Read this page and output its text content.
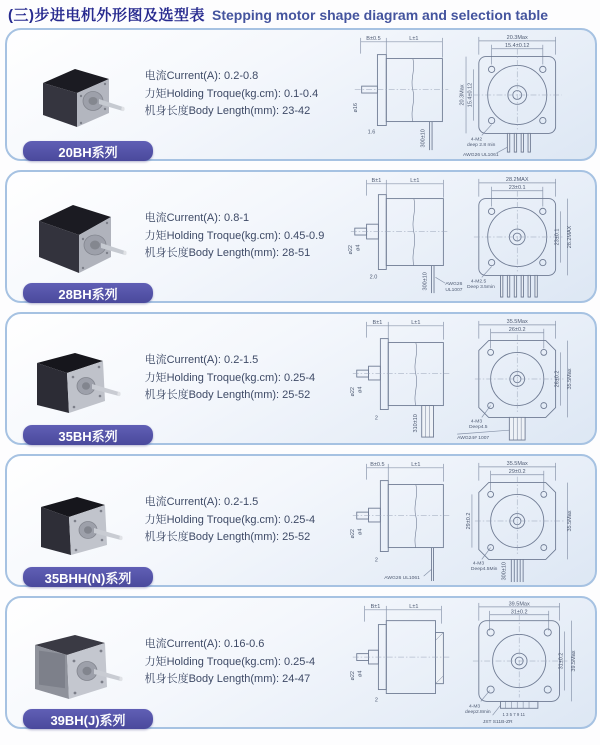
(三)步进电机外形图及选型表 Stepping motor shape diagram and selection table
电流Current(A): 0.2-0.8
力矩Holding Troque(kg.cm): 0.1-0.4
机身长度Body Length(mm): 23-42
B±0.5	L±1
1.6	300±10
ø16
20.3Max
15.4±0.12
20.3Max 15.4±0.12
4-M2
deep 2.8 min
AWG26 UL1061
20BH系列
电流Current(A): 0.8-1
力矩Holding Troque(kg.cm): 0.45-0.9
机身长度Body Length(mm): 28-51
B±1	L±1
2.0	300±10
ø22 ø4
28.2MAX
23±0.1
28.2MAX
23±0.1
4-M2.5
Deep 3.5min
AWG26
UL1007
28BH系列
电流Current(A): 0.2-1.5
力矩Holding Troque(kg.cm): 0.25-4
机身长度Body Length(mm): 25-52
B±1	L±1
2	310±10
ø22 ø4
35.5Max
26±0.2
35.5Max
26±0.2
4-M3
Deep4.5
AWG24# 1007
35BH系列
电流Current(A): 0.2-1.5
力矩Holding Troque(kg.cm): 0.25-4
机身长度Body Length(mm): 25-52
B±0.5	L±1
2
ø22 ø4
35.5Max
29±0.2
35.5Max
29±0.2
300±10
4-M3
Deep4.5Min
AWG26 UL1061
35BHH(N)系列
电流Current(A): 0.16-0.6
力矩Holding Troque(kg.cm): 0.25-4
机身长度Body Length(mm): 24-47
B±1	L±1
2
ø22 ø4
39.5Max
31±0.2
39.5Max
31±0.2
4-M3
deep2.8min	1 3 5 7 9 11
JST S11B-ZR
39BH(J)系列
